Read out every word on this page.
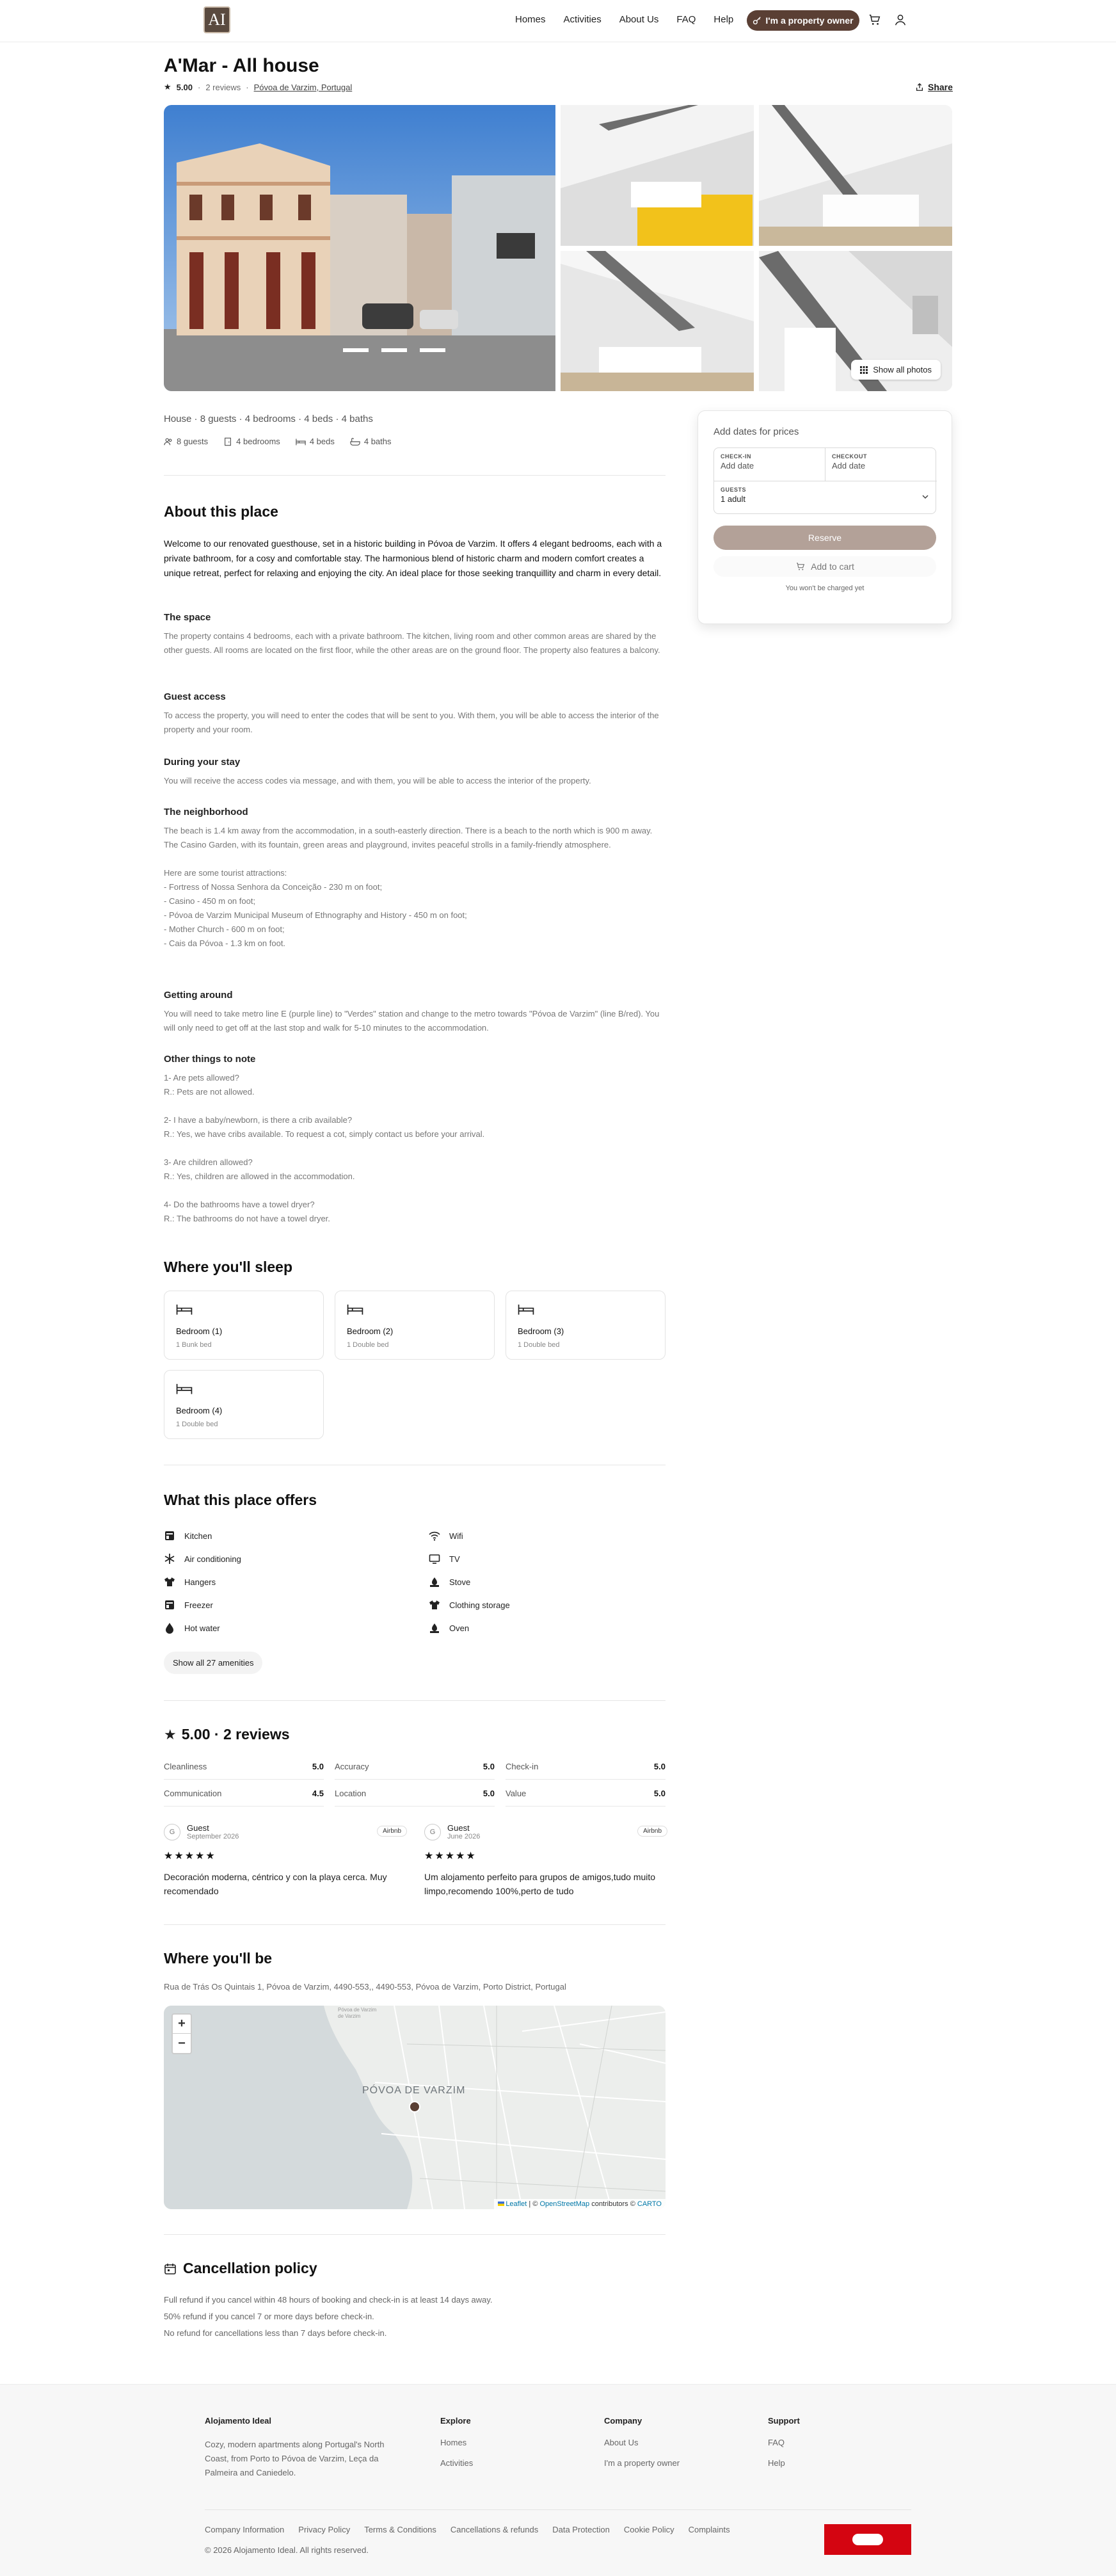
AI	Homes Activities About Us FAQ Help	I'm a property owner
A'Mar - All house
★ 5.00 · 2 reviews · Póvoa de Varzim, Portugal	Share
Show all photos
House · 8 guests · 4 bedrooms · 4 beds · 4 baths
8 guests	4 bedrooms	4 beds	4 baths
About this place

Welcome to our renovated guesthouse, set in a historic building in Póvoa de Varzim. It offers 4 elegant bedrooms, each with a private bathroom, for a cosy and comfortable stay. The harmonious blend of historic charm and modern comfort creates a unique retreat, perfect for relaxing and enjoying the city. An ideal place for those seeking tranquillity and charm in every detail.

The space

The property contains 4 bedrooms, each with a private bathroom. The kitchen, living room and other common areas are shared by the other guests. All rooms are located on the first floor, while the other areas are on the ground floor. The property also features a balcony.

Guest access

To access the property, you will need to enter the codes that will be sent to you. With them, you will be able to access the interior of the property and your room.

During your stay

You will receive the access codes via message, and with them, you will be able to access the interior of the property.

The neighborhood

The beach is 1.4 km away from the accommodation, in a south-easterly direction. There is a beach to the north which is 900 m away.
The Casino Garden, with its fountain, green areas and playground, invites peaceful strolls in a family-friendly atmosphere.

Here are some tourist attractions:
- Fortress of Nossa Senhora da Conceição - 230 m on foot;
- Casino - 450 m on foot;
- Póvoa de Varzim Municipal Museum of Ethnography and History - 450 m on foot;
- Mother Church - 600 m on foot;
- Cais da Póvoa - 1.3 km on foot.

Getting around

You will need to take metro line E (purple line) to "Verdes" station and change to the metro towards "Póvoa de Varzim" (line B/red). You will only need to get off at the last stop and walk for 5-10 minutes to the accommodation.

Other things to note

1- Are pets allowed?
R.: Pets are not allowed.

2- I have a baby/newborn, is there a crib available?
R.: Yes, we have cribs available. To request a cot, simply contact us before your arrival.

3- Are children allowed?
R.: Yes, children are allowed in the accommodation.

4- Do the bathrooms have a towel dryer?
R.: The bathrooms do not have a towel dryer.

Where you'll sleep
Bedroom (1)
1 Bunk bed
Bedroom (2)
1 Double bed
Bedroom (3)
1 Double bed
Bedroom (4)
1 Double bed
What this place offers
Kitchen	Wifi
Air conditioning	TV
Hangers	Stove
Freezer	Clothing storage
Hot water	Oven
Show all 27 amenities
★ 5.00 · 2 reviews
Cleanliness	5.0 Accuracy	5.0 Check-in	5.0
Communication	4.5 Location	5.0 Value	5.0
G	Guest
September 2026
Airbnb
★★★★★
Decoración moderna, céntrico y con la playa cerca. Muy recomendado
G	Guest
June 2026
Airbnb
★★★★★
Um alojamento perfeito para grupos de amigos,tudo muito limpo,recomendo 100%,perto de tudo
Where you'll be
Rua de Trás Os Quintais 1, Póvoa de Varzim, 4490-553,, 4490-553, Póvoa de Varzim, Porto District, Portugal
PÓVOA DE VARZIM
Póvoa de Varzim
de Varzim
+
−
Leaflet | © OpenStreetMap contributors © CARTO
Cancellation policy
Full refund if you cancel within 48 hours of booking and check-in is at least 14 days away.
50% refund if you cancel 7 or more days before check-in.
No refund for cancellations less than 7 days before check-in.
Add dates for prices
CHECK-IN
Add date
CHECKOUT
Add date
GUESTS
1 adult
Reserve
Add to cart
You won't be charged yet
Alojamento Ideal
Cozy, modern apartments along Portugal's North Coast, from Porto to Póvoa de Varzim, Leça da Palmeira and Caniedelo.
Explore
Homes
Activities
Company
About Us
I'm a property owner
Support
FAQ
Help
Company Information Privacy Policy Terms & Conditions Cancellations & refunds Data Protection Cookie Policy Complaints
© 2026 Alojamento Ideal. All rights reserved.
